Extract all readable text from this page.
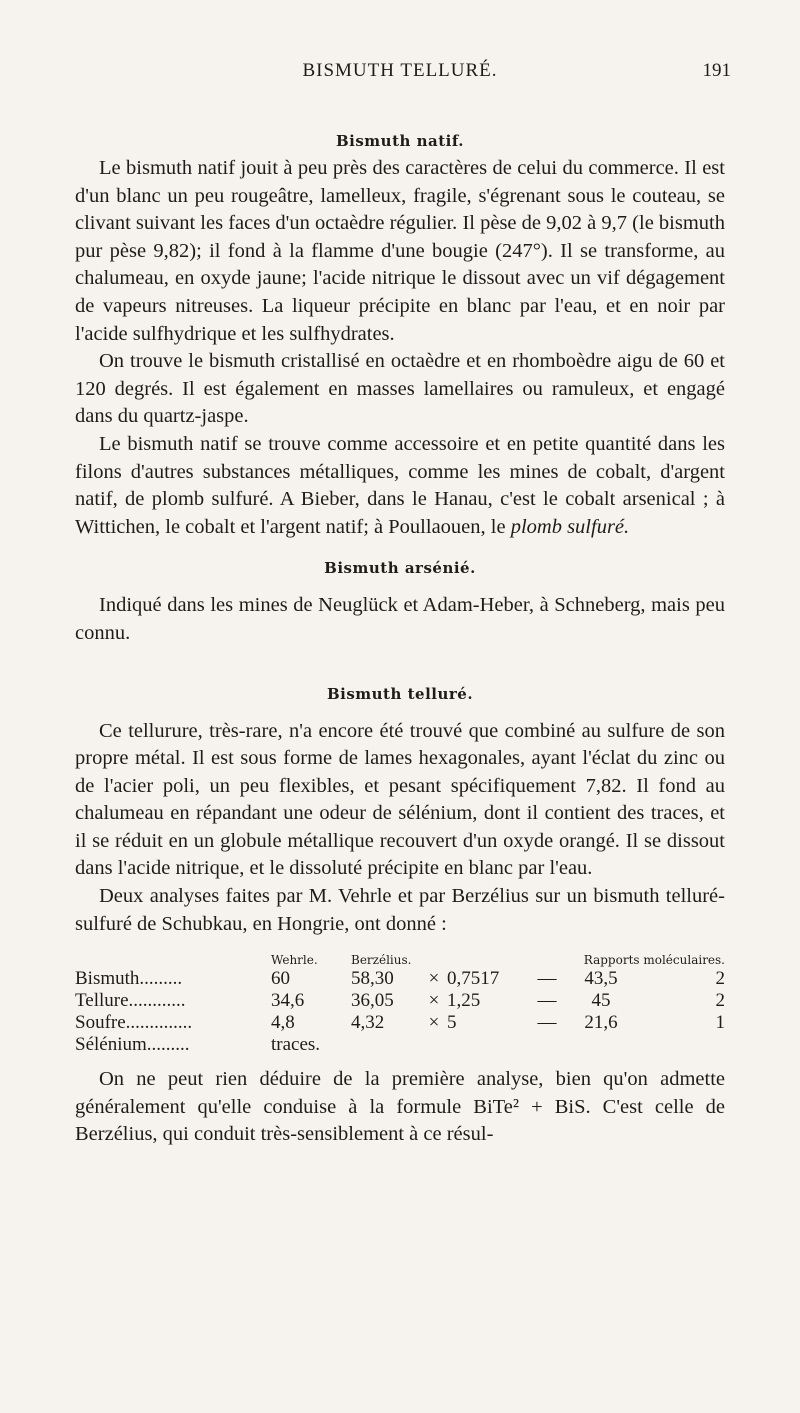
BISMUTH TELLURÉ.	191
Bismuth natif.

Le bismuth natif jouit à peu près des caractères de celui du commerce. Il est d'un blanc un peu rougeâtre, lamelleux, fragile, s'égrenant sous le couteau, se clivant suivant les faces d'un octaèdre régulier. Il pèse de 9,02 à 9,7 (le bismuth pur pèse 9,82); il fond à la flamme d'une bougie (247°). Il se transforme, au chalumeau, en oxyde jaune; l'acide nitrique le dissout avec un vif dégagement de vapeurs nitreuses. La liqueur précipite en blanc par l'eau, et en noir par l'acide sulfhydrique et les sulfhydrates.

On trouve le bismuth cristallisé en octaèdre et en rhomboèdre aigu de 60 et 120 degrés. Il est également en masses lamellaires ou ramuleux, et engagé dans du quartz-jaspe.

Le bismuth natif se trouve comme accessoire et en petite quantité dans les filons d'autres substances métalliques, comme les mines de cobalt, d'argent natif, de plomb sulfuré. A Bieber, dans le Hanau, c'est le cobalt arsenical ; à Wittichen, le cobalt et l'argent natif; à Poullaouen, le plomb sulfuré.

Bismuth arsénié.

Indiqué dans les mines de Neuglück et Adam-Heber, à Schneberg, mais peu connu.

Bismuth telluré.

Ce tellurure, très-rare, n'a encore été trouvé que combiné au sulfure de son propre métal. Il est sous forme de lames hexagonales, ayant l'éclat du zinc ou de l'acier poli, un peu flexibles, et pesant spécifiquement 7,82. Il fond au chalumeau en répandant une odeur de sélénium, dont il contient des traces, et il se réduit en un globule métallique recouvert d'un oxyde orangé. Il se dissout dans l'acide nitrique, et le dissoluté précipite en blanc par l'eau.

Deux analyses faites par M. Vehrle et par Berzélius sur un bismuth telluré-sulfuré de Schubkau, en Hongrie, ont donné :

	Wehrle.	Berzélius.			Rapports moléculaires.		
Bismuth.........	60	58,30	×	0,7517	—	43,5	2
Tellure............	34,6	36,05	×	1,25	—	45	2
Soufre..............	4,8	4,32	×	5	—	21,6	1
Sélénium.........	traces.						

On ne peut rien déduire de la première analyse, bien qu'on admette généralement qu'elle conduise à la formule BiTe² + BiS. C'est celle de Berzélius, qui conduit très-sensiblement à ce résul-
